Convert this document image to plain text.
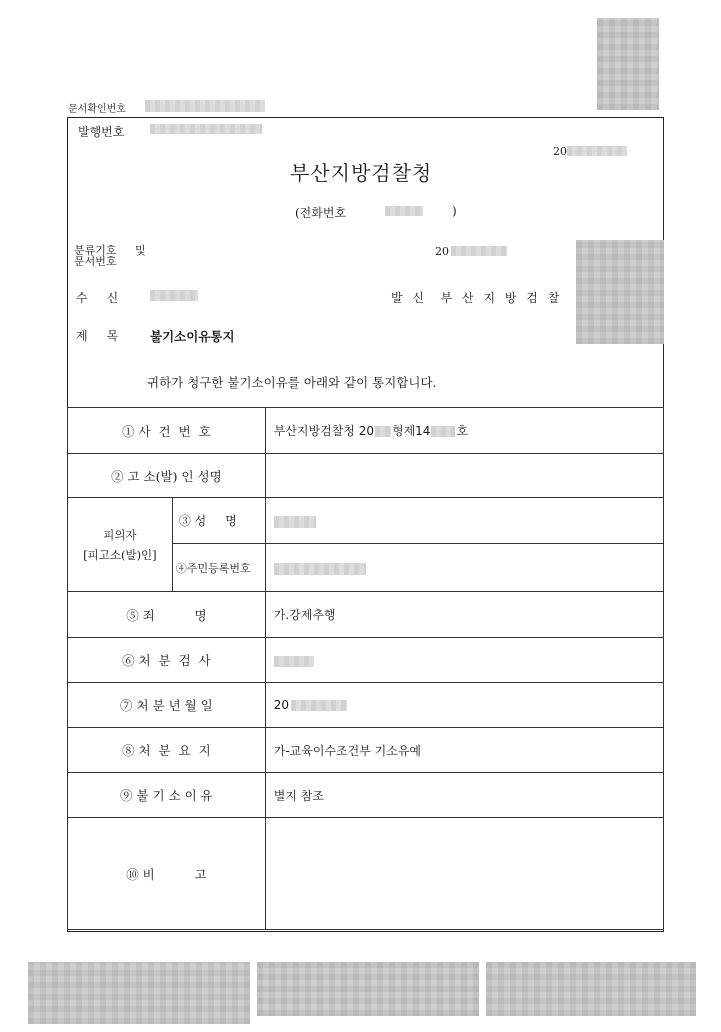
문서확인번호
발행번호
20
부산지방검찰청
(전화번호	)
분류기호 및
문서번호
20
수     신	발 신  부 산 지 방 검 찰
제     목	불기소이유통지
귀하가 청구한 불기소이유를 아래와 같이 통지합니다.
① 사  건  번  호		부산지방검찰청 20 형제14 호
② 고 소(발) 인 성명		

피의자
[피고소(발)인]	③ 성     명	
	④주민등록번호	
⑤ 죄          명		가.강제추행
⑥ 처  분  검  사		
⑦ 처 분 년 월 일		20
⑧ 처  분  요  지		가-교육이수조건부 기소유예
⑨ 불 기 소 이 유		별지 참조
⑩ 비          고		
